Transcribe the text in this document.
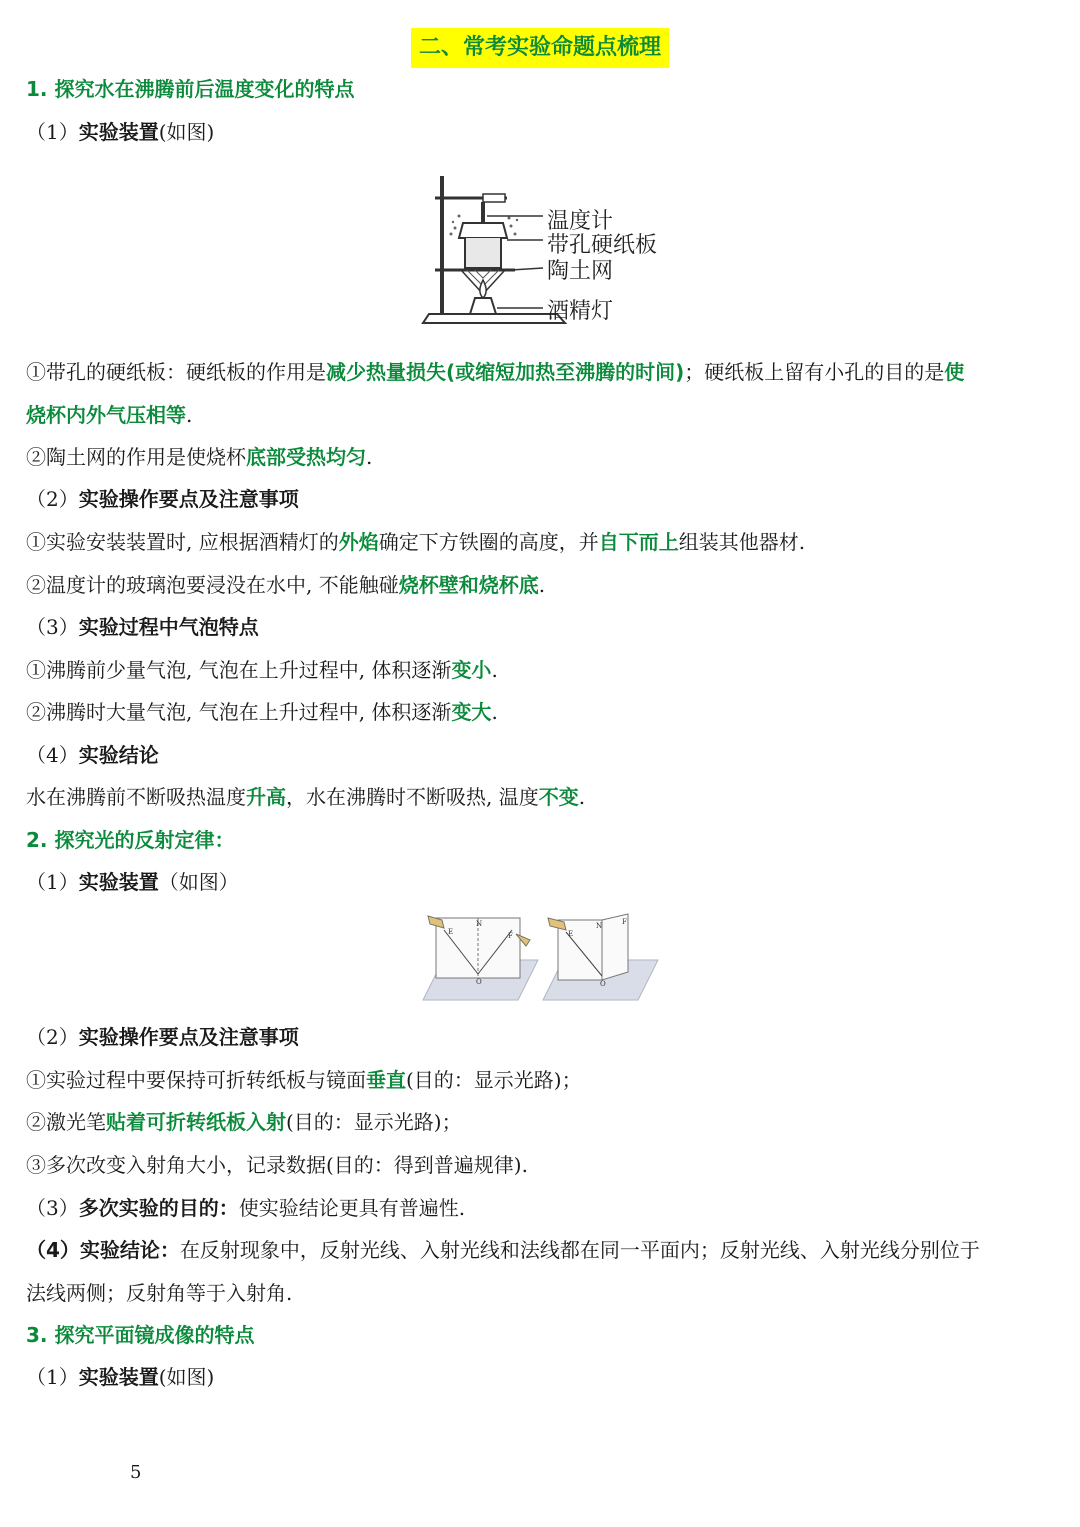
二、常考实验命题点梳理
1. 探究水在沸腾前后温度变化的特点
（1）实验装置(如图)
温度计
带孔硬纸板
陶土网
酒精灯
①带孔的硬纸板：硬纸板的作用是减少热量损失(或缩短加热至沸腾的时间)；硬纸板上留有小孔的目的是使
烧杯内外气压相等.
②陶土网的作用是使烧杯底部受热均匀.
（2）实验操作要点及注意事项
①实验安装装置时, 应根据酒精灯的外焰确定下方铁圈的高度，并自下而上组装其他器材.
②温度计的玻璃泡要浸没在水中, 不能触碰烧杯壁和烧杯底.
（3）实验过程中气泡特点
①沸腾前少量气泡, 气泡在上升过程中, 体积逐渐变小.
②沸腾时大量气泡, 气泡在上升过程中, 体积逐渐变大.
（4）实验结论
水在沸腾前不断吸热温度升高，水在沸腾时不断吸热, 温度不变.
2. 探究光的反射定律：
（1）实验装置（如图）
E
N
F
O
E
N	F
O
（2）实验操作要点及注意事项
①实验过程中要保持可折转纸板与镜面垂直(目的：显示光路)；
②激光笔贴着可折转纸板入射(目的：显示光路)；
③多次改变入射角大小，记录数据(目的：得到普遍规律).
（3）多次实验的目的：使实验结论更具有普遍性.
（4）实验结论：在反射现象中，反射光线、入射光线和法线都在同一平面内；反射光线、入射光线分别位于
法线两侧；反射角等于入射角.
3. 探究平面镜成像的特点
（1）实验装置(如图)
5
